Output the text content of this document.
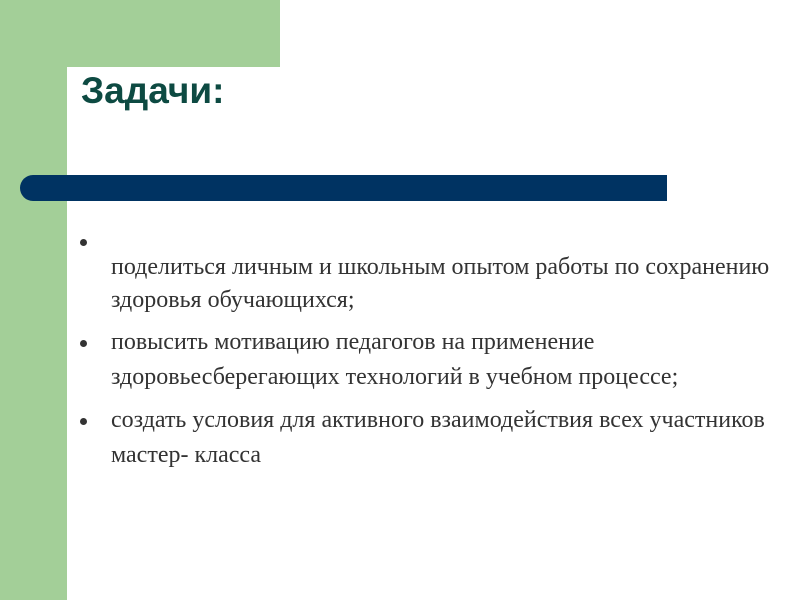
Задачи:
поделиться личным и школьным опытом работы по сохранению здоровья обучающихся;
повысить мотивацию педагогов на применение здоровьесберегающих технологий в учебном процессе;
создать условия для активного взаимодействия всех участников мастер- класса
